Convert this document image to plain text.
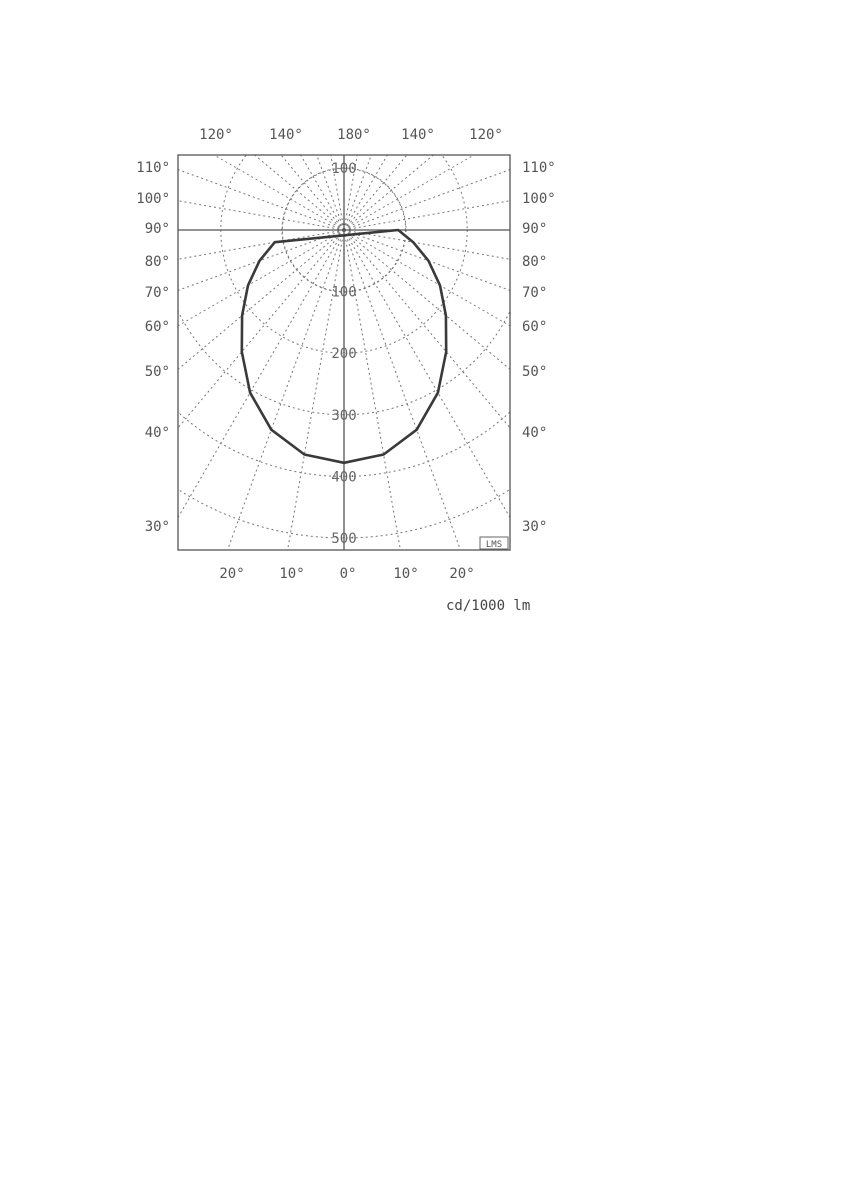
100
200
300
400
500
100
120°	140° 180° 140° 120°
20° 10° 0°	10° 20°
110°	110°
100°	100°
90°	90°
80°	80°
70°	70°
60°	60°
50°	50°
40°	40°
30°	30°
LMS
cd/1000 lm
